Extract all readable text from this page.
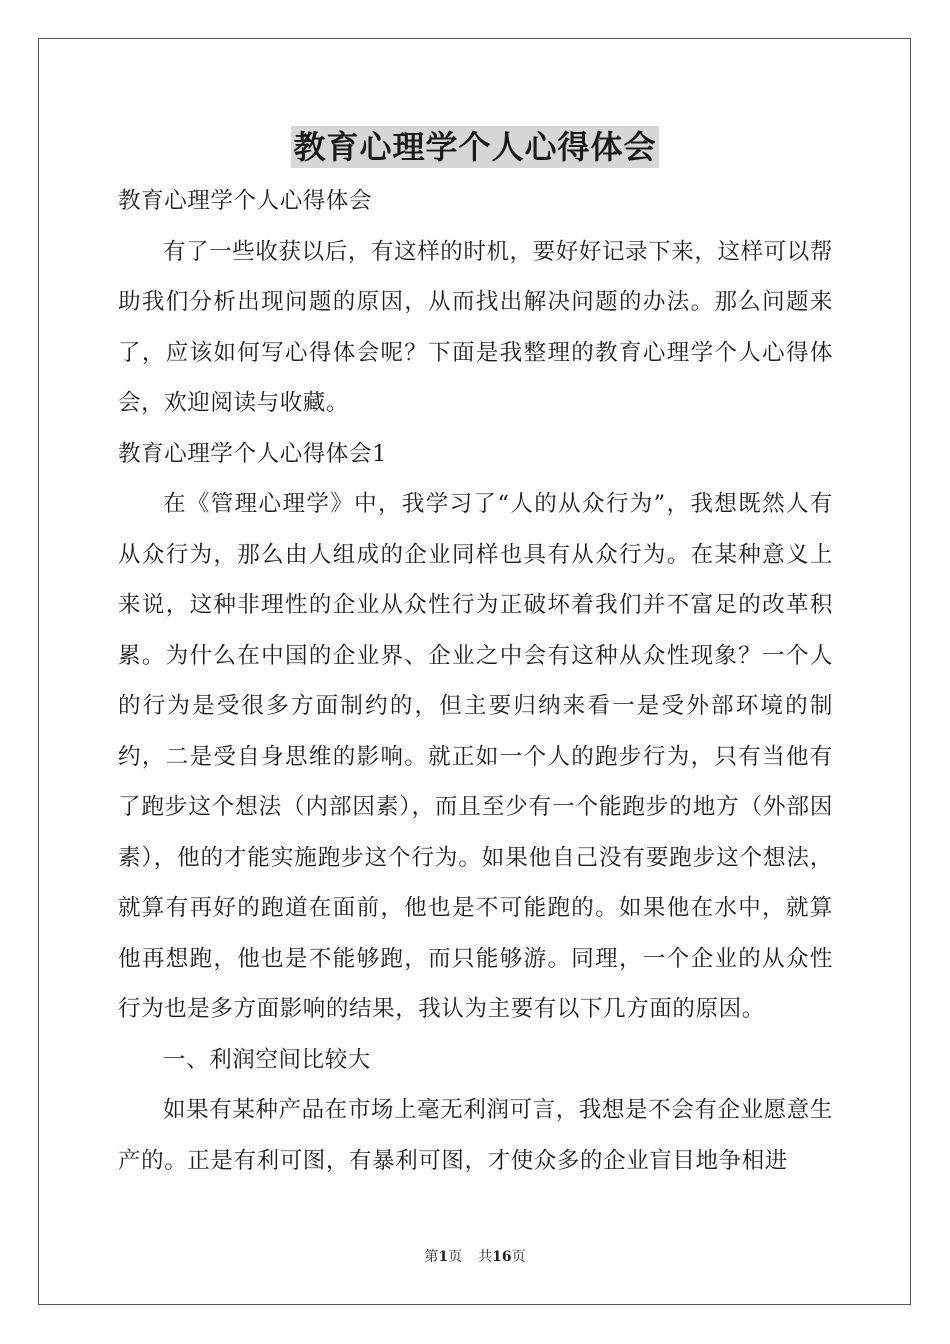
教育心理学个人心得体会

教育心理学个人心得体会

有了一些收获以后，有这样的时机，要好好记录下来，这样可以帮助我们分析出现问题的原因，从而找出解决问题的办法。那么问题来了，应该如何写心得体会呢？下面是我整理的教育心理学个人心得体会，欢迎阅读与收藏。

教育心理学个人心得体会1

在《管理心理学》中，我学习了“人的从众行为”，我想既然人有从众行为，那么由人组成的企业同样也具有从众行为。在某种意义上来说，这种非理性的企业从众性行为正破坏着我们并不富足的改革积累。为什么在中国的企业界、企业之中会有这种从众性现象？一个人的行为是受很多方面制约的，但主要归纳来看一是受外部环境的制约，二是受自身思维的影响。就正如一个人的跑步行为，只有当他有了跑步这个想法（内部因素），而且至少有一个能跑步的地方（外部因素），他的才能实施跑步这个行为。如果他自己没有要跑步这个想法，就算有再好的跑道在面前，他也是不可能跑的。如果他在水中，就算他再想跑，他也是不能够跑，而只能够游。同理，一个企业的从众性行为也是多方面影响的结果，我认为主要有以下几方面的原因。

一、利润空间比较大

如果有某种产品在市场上毫无利润可言，我想是不会有企业愿意生产的。正是有利可图，有暴利可图，才使众多的企业盲目地争相进

第1页 共16页
